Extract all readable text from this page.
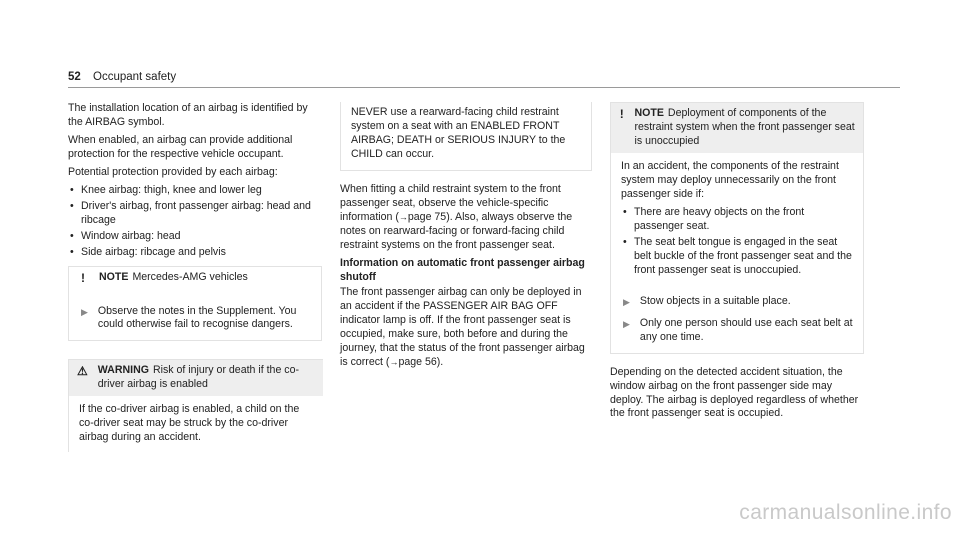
52 Occupant safety

The installation location of an airbag is identified by the AIRBAG symbol.

When enabled, an airbag can provide additional protection for the respective vehicle occupant.

Potential protection provided by each airbag:

• Knee airbag: thigh, knee and lower leg
• Driver's airbag, front passenger airbag: head and ribcage
• Window airbag: head
• Side airbag: ribcage and pelvis
!	NOTE Mercedes-AMG vehicles
▶ Observe the notes in the Supplement. You could otherwise fail to recognise dangers.
⚠ WARNING Risk of injury or death if the co-driver airbag is enabled
If the co-driver airbag is enabled, a child on the co-driver seat may be struck by the co-driver airbag during an accident.
NEVER use a rearward-facing child restraint system on a seat with an ENABLED FRONT AIRBAG; DEATH or SERIOUS INJURY to the CHILD can occur.

When fitting a child restraint system to the front passenger seat, observe the vehicle-specific information (→page 75). Also, always observe the notes on rearward-facing or forward-facing child restraint systems on the front passenger seat.

Information on automatic front passenger airbag shutoff

The front passenger airbag can only be deployed in an accident if the PASSENGER AIR BAG OFF indicator lamp is off. If the front passenger seat is occupied, make sure, both before and during the journey, that the status of the front passenger airbag is correct (→page 56).

! NOTE Deployment of components of the restraint system when the front passenger seat is unoccupied

In an accident, the components of the restraint system may deploy unnecessarily on the front passenger side if:

• There are heavy objects on the front passenger seat.
• The seat belt tongue is engaged in the seat belt buckle of the front passenger seat and the front passenger seat is unoccupied.
▶ Stow objects in a suitable place.
▶ Only one person should use each seat belt at any one time.

Depending on the detected accident situation, the window airbag on the front passenger side may deploy. The airbag is deployed regardless of whether the front passenger seat is occupied.

carmanualsonline.info
